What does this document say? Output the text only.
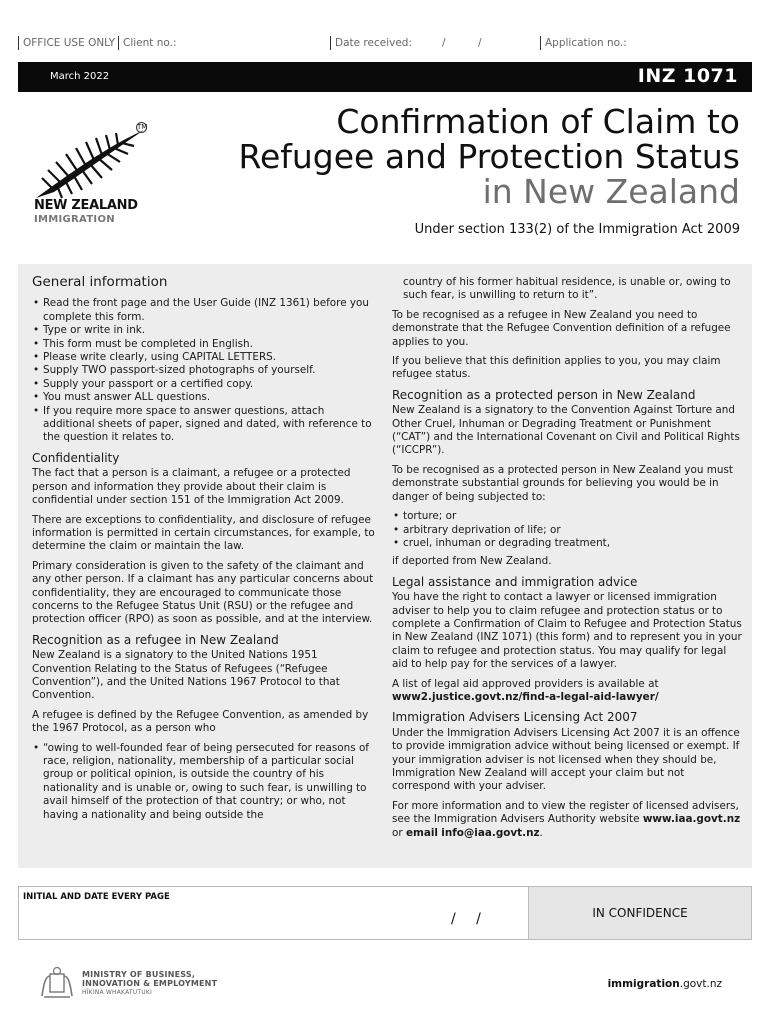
OFFICE USE ONLY Client no.:	Date received:	/	/	Application no.:
March 2022	INZ 1071
TM
NEW ZEALAND
IMMIGRATION
Confirmation of Claim to
Refugee and Protection Status
in New Zealand
Under section 133(2) of the Immigration Act 2009
General information
• Read the front page and the User Guide (INZ 1361) before you complete this form.
• Type or write in ink.
• This form must be completed in English.
• Please write clearly, using CAPITAL LETTERS.
• Supply TWO passport-sized photographs of yourself.
• Supply your passport or a certified copy.
• You must answer ALL questions.
• If you require more space to answer questions, attach additional sheets of paper, signed and dated, with reference to the question it relates to.
Confidentiality

The fact that a person is a claimant, a refugee or a protected person and information they provide about their claim is confidential under section 151 of the Immigration Act 2009.

There are exceptions to confidentiality, and disclosure of refugee information is permitted in certain circumstances, for example, to determine the claim or maintain the law.

Primary consideration is given to the safety of the claimant and any other person. If a claimant has any particular concerns about confidentiality, they are encouraged to communicate those concerns to the Refugee Status Unit (RSU) or the refugee and protection officer (RPO) as soon as possible, and at the interview.

Recognition as a refugee in New Zealand

New Zealand is a signatory to the United Nations 1951 Convention Relating to the Status of Refugees (“Refugee Convention”), and the United Nations 1967 Protocol to that Convention.

A refugee is defined by the Refugee Convention, as amended by the 1967 Protocol, as a person who

• “owing to well-founded fear of being persecuted for reasons of race, religion, nationality, membership of a particular social group or political opinion, is outside the country of his nationality and is unable or, owing to such fear, is unwilling to avail himself of the protection of that country; or who, not having a nationality and being outside the

country of his former habitual residence, is unable or, owing to such fear, is unwilling to return to it”.

To be recognised as a refugee in New Zealand you need to demonstrate that the Refugee Convention definition of a refugee applies to you.

If you believe that this definition applies to you, you may claim refugee status.

Recognition as a protected person in New Zealand

New Zealand is a signatory to the Convention Against Torture and Other Cruel, Inhuman or Degrading Treatment or Punishment (“CAT”) and the International Covenant on Civil and Political Rights (“ICCPR”).

To be recognised as a protected person in New Zealand you must demonstrate substantial grounds for believing you would be in danger of being subjected to:

• torture; or
• arbitrary deprivation of life; or
• cruel, inhuman or degrading treatment,

if deported from New Zealand.

Legal assistance and immigration advice

You have the right to contact a lawyer or licensed immigration adviser to help you to claim refugee and protection status or to complete a Confirmation of Claim to Refugee and Protection Status in New Zealand (INZ 1071) (this form) and to represent you in your claim to refugee and protection status. You may qualify for legal aid to help pay for the services of a lawyer.

A list of legal aid approved providers is available at
www2.justice.govt.nz/find-a-legal-aid-lawyer/

Immigration Advisers Licensing Act 2007

Under the Immigration Advisers Licensing Act 2007 it is an offence to provide immigration advice without being licensed or exempt. If your immigration adviser is not licensed when they should be, Immigration New Zealand will accept your claim but not correspond with your adviser.

For more information and to view the register of licensed advisers, see the Immigration Advisers Authority website www.iaa.govt.nz or email info@iaa.govt.nz.

INITIAL AND DATE EVERY PAGE
/ /	IN CONFIDENCE
MINISTRY OF BUSINESS,
INNOVATION & EMPLOYMENT
HĪKINA WHAKATUTUKI
immigration.govt.nz
